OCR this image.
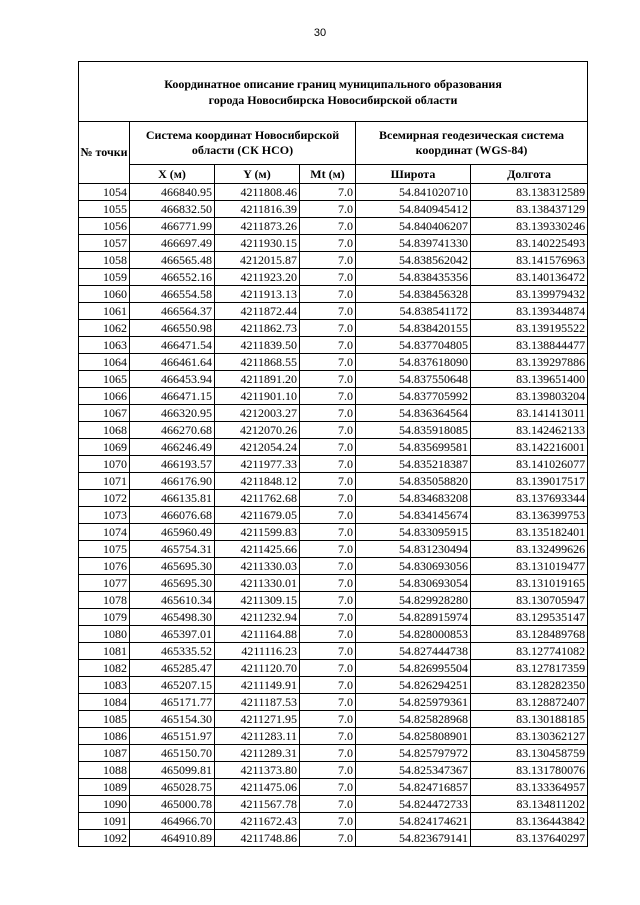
30
Координатное описание границ муниципального образования
города Новосибирска Новосибирской области					

№ точки	Система координат Новосибирской области (СК НСО)			Всемирная геодезическая система координат (WGS-84)	
	X (м)	Y (м)	Mt (м)	Широта	Долгота
1054	466840.95	4211808.46	7.0	54.841020710	83.138312589
1055	466832.50	4211816.39	7.0	54.840945412	83.138437129
1056	466771.99	4211873.26	7.0	54.840406207	83.139330246
1057	466697.49	4211930.15	7.0	54.839741330	83.140225493
1058	466565.48	4212015.87	7.0	54.838562042	83.141576963
1059	466552.16	4211923.20	7.0	54.838435356	83.140136472
1060	466554.58	4211913.13	7.0	54.838456328	83.139979432
1061	466564.37	4211872.44	7.0	54.838541172	83.139344874
1062	466550.98	4211862.73	7.0	54.838420155	83.139195522
1063	466471.54	4211839.50	7.0	54.837704805	83.138844477
1064	466461.64	4211868.55	7.0	54.837618090	83.139297886
1065	466453.94	4211891.20	7.0	54.837550648	83.139651400
1066	466471.15	4211901.10	7.0	54.837705992	83.139803204
1067	466320.95	4212003.27	7.0	54.836364564	83.141413011
1068	466270.68	4212070.26	7.0	54.835918085	83.142462133
1069	466246.49	4212054.24	7.0	54.835699581	83.142216001
1070	466193.57	4211977.33	7.0	54.835218387	83.141026077
1071	466176.90	4211848.12	7.0	54.835058820	83.139017517
1072	466135.81	4211762.68	7.0	54.834683208	83.137693344
1073	466076.68	4211679.05	7.0	54.834145674	83.136399753
1074	465960.49	4211599.83	7.0	54.833095915	83.135182401
1075	465754.31	4211425.66	7.0	54.831230494	83.132499626
1076	465695.30	4211330.03	7.0	54.830693056	83.131019477
1077	465695.30	4211330.01	7.0	54.830693054	83.131019165
1078	465610.34	4211309.15	7.0	54.829928280	83.130705947
1079	465498.30	4211232.94	7.0	54.828915974	83.129535147
1080	465397.01	4211164.88	7.0	54.828000853	83.128489768
1081	465335.52	4211116.23	7.0	54.827444738	83.127741082
1082	465285.47	4211120.70	7.0	54.826995504	83.127817359
1083	465207.15	4211149.91	7.0	54.826294251	83.128282350
1084	465171.77	4211187.53	7.0	54.825979361	83.128872407
1085	465154.30	4211271.95	7.0	54.825828968	83.130188185
1086	465151.97	4211283.11	7.0	54.825808901	83.130362127
1087	465150.70	4211289.31	7.0	54.825797972	83.130458759
1088	465099.81	4211373.80	7.0	54.825347367	83.131780076
1089	465028.75	4211475.06	7.0	54.824716857	83.133364957
1090	465000.78	4211567.78	7.0	54.824472733	83.134811202
1091	464966.70	4211672.43	7.0	54.824174621	83.136443842
1092	464910.89	4211748.86	7.0	54.823679141	83.137640297
